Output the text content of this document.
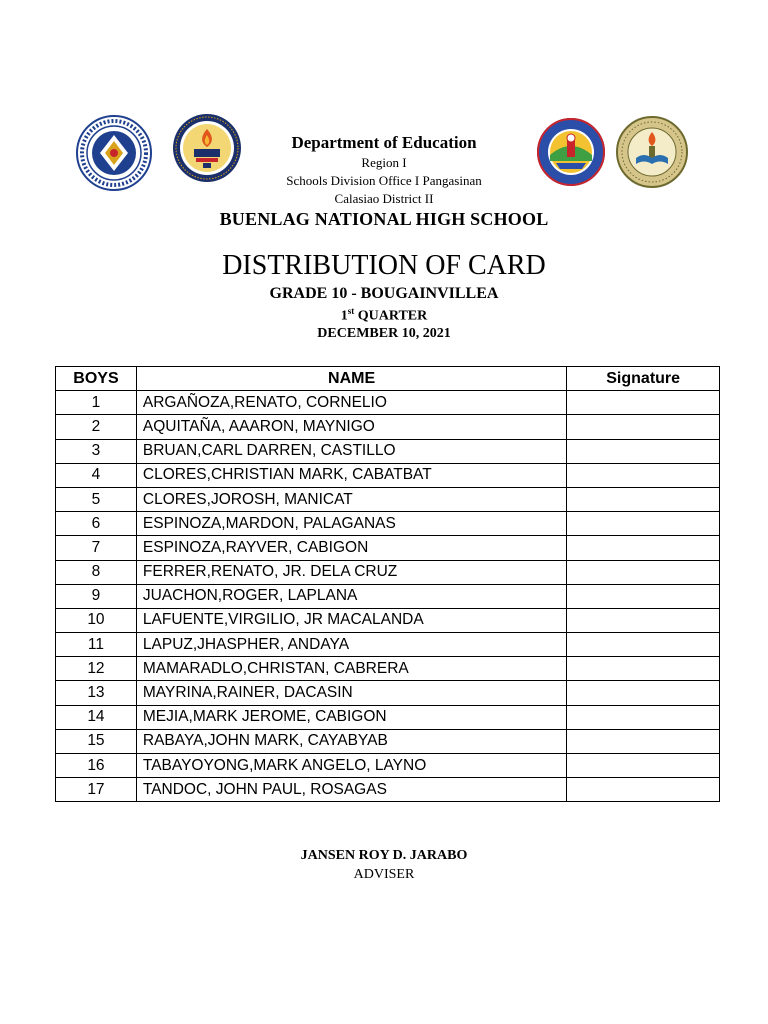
Department of Education
Region I
Schools Division Office I Pangasinan
Calasiao District II
BUENLAG NATIONAL HIGH SCHOOL
DISTRIBUTION OF CARD
GRADE 10 - BOUGAINVILLEA
1st QUARTER
DECEMBER 10, 2021
BOYS	NAME	Signature
1	ARGAÑOZA,RENATO, CORNELIO	
2	AQUITAÑA, AAARON, MAYNIGO	
3	BRUAN,CARL DARREN, CASTILLO	
4	CLORES,CHRISTIAN MARK, CABATBAT	
5	CLORES,JOROSH, MANICAT	
6	ESPINOZA,MARDON, PALAGANAS	
7	ESPINOZA,RAYVER, CABIGON	
8	FERRER,RENATO, JR. DELA CRUZ	
9	JUACHON,ROGER, LAPLANA	
10	LAFUENTE,VIRGILIO, JR MACALANDA	
11	LAPUZ,JHASPHER, ANDAYA	
12	MAMARADLO,CHRISTAN, CABRERA	
13	MAYRINA,RAINER, DACASIN	
14	MEJIA,MARK JEROME, CABIGON	
15	RABAYA,JOHN MARK, CAYABYAB	
16	TABAYOYONG,MARK ANGELO, LAYNO	
17	TANDOC, JOHN PAUL, ROSAGAS	
JANSEN ROY D. JARABO
ADVISER
